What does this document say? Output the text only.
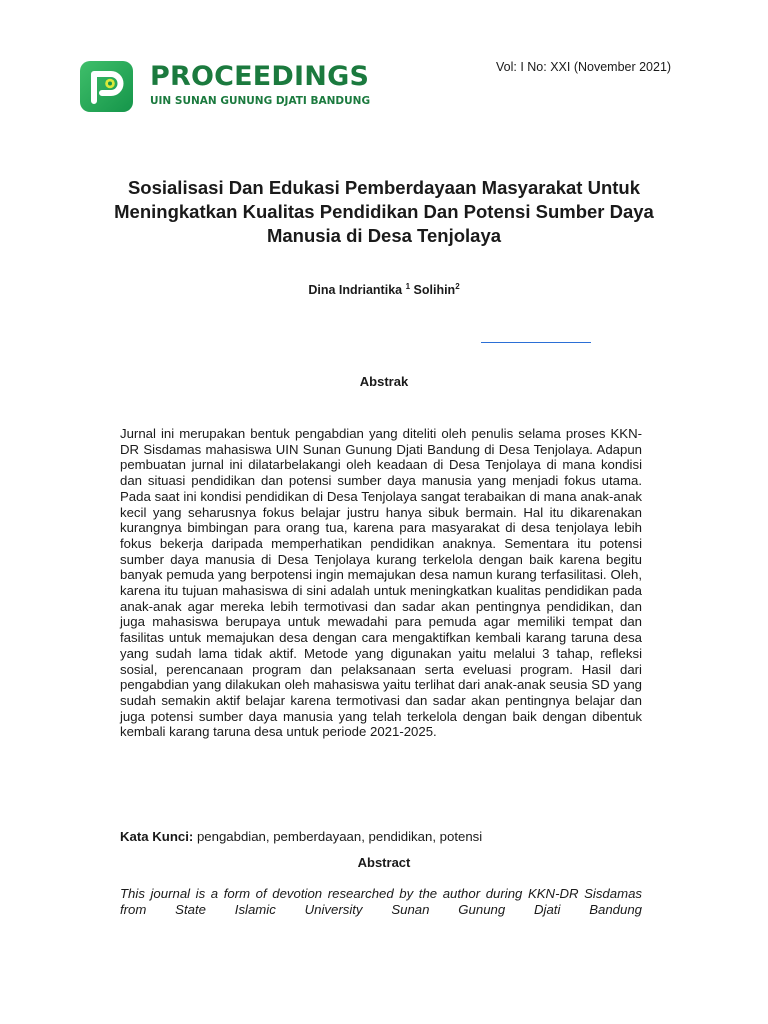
PROCEEDINGS
UIN SUNAN GUNUNG DJATI BANDUNG
Vol: I No: XXI (November 2021)
Sosialisasi Dan Edukasi Pemberdayaan Masyarakat Untuk Meningkatkan Kualitas Pendidikan Dan Potensi Sumber Daya Manusia di Desa Tenjolaya
Dina Indriantika $^1$ Solihin$^2$
Abstrak
Jurnal ini merupakan bentuk pengabdian yang diteliti oleh penulis selama proses KKN-DR Sisdamas mahasiswa UIN Sunan Gunung Djati Bandung di Desa Tenjolaya. Adapun pembuatan jurnal ini dilatarbelakangi oleh keadaan di Desa Tenjolaya di mana kondisi dan situasi pendidikan dan potensi sumber daya manusia yang menjadi fokus utama. Pada saat ini kondisi pendidikan di Desa Tenjolaya sangat terabaikan di mana anak-anak kecil yang seharusnya fokus belajar justru hanya sibuk bermain. Hal itu dikarenakan kurangnya bimbingan para orang tua, karena para masyarakat di desa tenjolaya lebih fokus bekerja daripada memperhatikan pendidikan anaknya. Sementara itu potensi sumber daya manusia di Desa Tenjolaya kurang terkelola dengan baik karena begitu banyak pemuda yang berpotensi ingin memajukan desa namun kurang terfasilitasi. Oleh, karena itu tujuan mahasiswa di sini adalah untuk meningkatkan kualitas pendidikan pada anak-anak agar mereka lebih termotivasi dan sadar akan pentingnya pendidikan, dan juga mahasiswa berupaya untuk mewadahi para pemuda agar memiliki tempat dan fasilitas untuk memajukan desa dengan cara mengaktifkan kembali karang taruna desa yang sudah lama tidak aktif. Metode yang digunakan yaitu melalui 3 tahap, refleksi sosial, perencanaan program dan pelaksanaan serta eveluasi program. Hasil dari pengabdian yang dilakukan oleh mahasiswa yaitu terlihat dari anak-anak seusia SD yang sudah semakin aktif belajar karena termotivasi dan sadar akan pentingnya belajar dan juga potensi sumber daya manusia yang telah terkelola dengan baik dengan dibentuk kembali karang taruna desa untuk periode 2021-2025.
Kata Kunci: pengabdian, pemberdayaan, pendidikan, potensi
Abstract
This journal is a form of devotion researched by the author during KKN-DR Sisdamas from State Islamic University Sunan Gunung Djati Bandung
